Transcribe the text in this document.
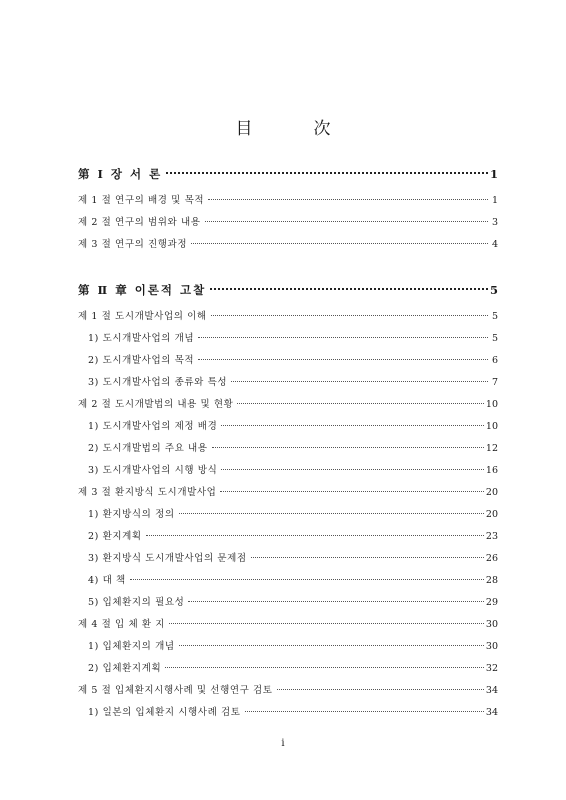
目　次
第 Ⅰ 장 서 론	1
제 1 절 연구의 배경 및 목적	1
제 2 절 연구의 범위와 내용	3
제 3 절 연구의 진행과정	4
第 Ⅱ 章 이론적 고찰	5
제 1 절 도시개발사업의 이해	5
1) 도시개발사업의 개념	5
2) 도시개발사업의 목적	6
3) 도시개발사업의 종류와 특성	7
제 2 절 도시개발법의 내용 및 현황	10
1) 도시개발사업의 제정 배경	10
2) 도시개발법의 주요 내용	12
3) 도시개발사업의 시행 방식	16
제 3 절 환지방식 도시개발사업	20
1) 환지방식의 정의	20
2) 환지계획	23
3) 환지방식 도시개발사업의 문제점	26
4) 대 책	28
5) 입체환지의 필요성	29
제 4 절 입 체 환 지	30
1) 입체환지의 개념	30
2) 입체환지계획	32
제 5 절 입체환지시행사례 및 선행연구 검토	34
1) 일본의 입체환지 시행사례 검토	34
i
